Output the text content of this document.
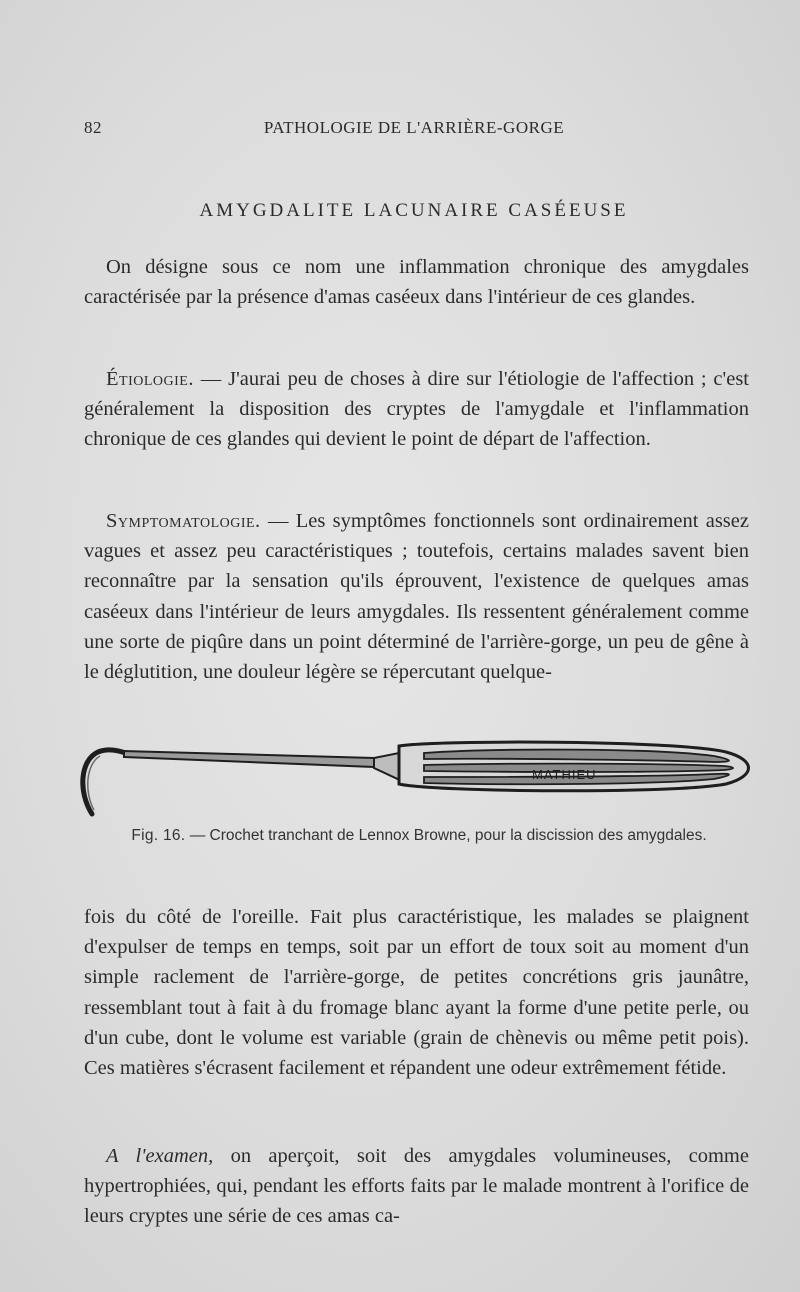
82	PATHOLOGIE DE L'ARRIÈRE-GORGE
AMYGDALITE LACUNAIRE CASÉEUSE

On désigne sous ce nom une inflammation chronique des amygdales caractérisée par la présence d'amas caséeux dans l'intérieur de ces glandes.

Étiologie. — J'aurai peu de choses à dire sur l'étiologie de l'affection ; c'est généralement la disposition des cryptes de l'amygdale et l'inflammation chronique de ces glandes qui devient le point de départ de l'affection.

Symptomatologie. — Les symptômes fonctionnels sont ordinairement assez vagues et assez peu caractéristiques ; toutefois, certains malades savent bien reconnaître par la sensation qu'ils éprouvent, l'existence de quelques amas caséeux dans l'intérieur de leurs amygdales. Ils ressentent généralement comme une sorte de piqûre dans un point déterminé de l'arrière-gorge, un peu de gêne à le déglutition, une douleur légère se répercutant quelque-

MATHIEU
Fig. 16. — Crochet tranchant de Lennox Browne, pour la discission des amygdales.

fois du côté de l'oreille. Fait plus caractéristique, les malades se plaignent d'expulser de temps en temps, soit par un effort de toux soit au moment d'un simple raclement de l'arrière-gorge, de petites concrétions gris jaunâtre, ressemblant tout à fait à du fromage blanc ayant la forme d'une petite perle, ou d'un cube, dont le volume est variable (grain de chènevis ou même petit pois). Ces matières s'écrasent facilement et répandent une odeur extrêmement fétide.

A l'examen, on aperçoit, soit des amygdales volumineuses, comme hypertrophiées, qui, pendant les efforts faits par le malade montrent à l'orifice de leurs cryptes une série de ces amas ca-
